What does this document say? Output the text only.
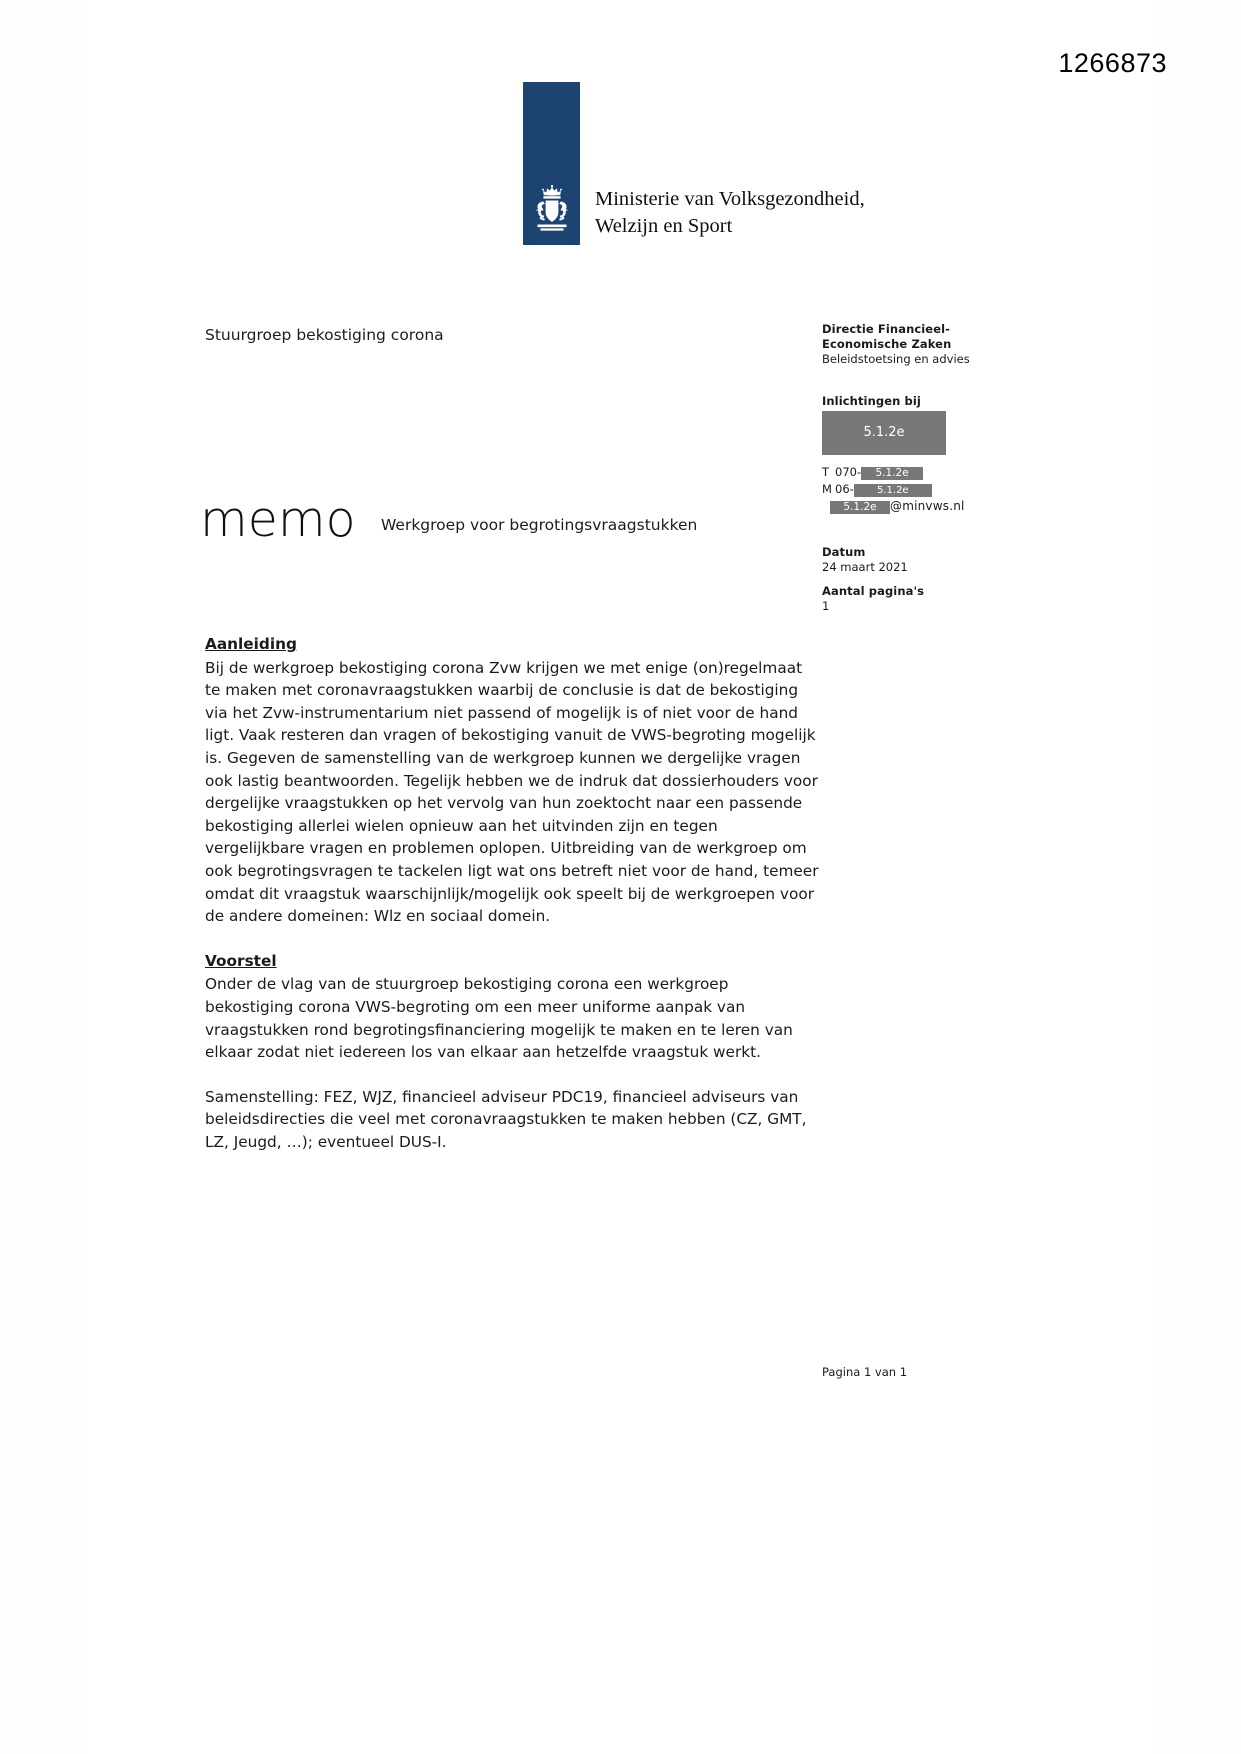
1266873
Ministerie van Volksgezondheid,
Welzijn en Sport
Stuurgroep bekostiging corona
memo Werkgroep voor begrotingsvraagstukken
Directie Financieel-
Economische Zaken
Beleidstoetsing en advies
Inlichtingen bij
5.1.2e
T 070- 5.1.2e
M 06- 5.1.2e
5.1.2e @minvws.nl
Datum
24 maart 2021
Aantal pagina's
1
Aanleiding

Bij de werkgroep bekostiging corona Zvw krijgen we met enige (on)regelmaat te maken met coronavraagstukken waarbij de conclusie is dat de bekostiging via het Zvw-instrumentarium niet passend of mogelijk is of niet voor de hand ligt. Vaak resteren dan vragen of bekostiging vanuit de VWS-begroting mogelijk is. Gegeven de samenstelling van de werkgroep kunnen we dergelijke vragen ook lastig beantwoorden. Tegelijk hebben we de indruk dat dossierhouders voor dergelijke vraagstukken op het vervolg van hun zoektocht naar een passende bekostiging allerlei wielen opnieuw aan het uitvinden zijn en tegen vergelijkbare vragen en problemen oplopen. Uitbreiding van de werkgroep om ook begrotingsvragen te tackelen ligt wat ons betreft niet voor de hand, temeer omdat dit vraagstuk waarschijnlijk/mogelijk ook speelt bij de werkgroepen voor de andere domeinen: Wlz en sociaal domein.

Voorstel

Onder de vlag van de stuurgroep bekostiging corona een werkgroep bekostiging corona VWS-begroting om een meer uniforme aanpak van vraagstukken rond begrotingsfinanciering mogelijk te maken en te leren van elkaar zodat niet iedereen los van elkaar aan hetzelfde vraagstuk werkt.

Samenstelling: FEZ, WJZ, financieel adviseur PDC19, financieel adviseurs van beleidsdirecties die veel met coronavraagstukken te maken hebben (CZ, GMT, LZ, Jeugd, …); eventueel DUS-I.

Pagina 1 van 1
